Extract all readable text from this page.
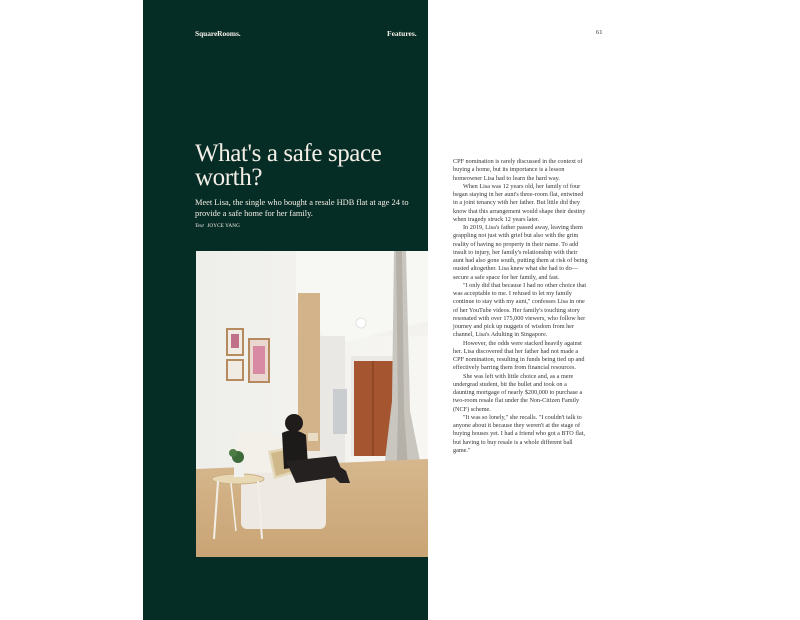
SquareRooms.	Features.
What's a safe space worth?
Meet Lisa, the single who bought a resale HDB flat at age 24 to provide a safe home for her family.
Text JOYCE YANG
61

CPF nomination is rarely discussed in the context of buying a home, but its importance is a lesson homeowner Lisa had to learn the hard way.

When Lisa was 12 years old, her family of four began staying in her aunt's three-room flat, entwined in a joint tenancy with her father. But little did they know that this arrangement would shape their destiny when tragedy struck 12 years later.

In 2019, Lisa's father passed away, leaving them grappling not just with grief but also with the grim reality of having no property in their name. To add insult to injury, her family's relationship with their aunt had also gone south, putting them at risk of being ousted altogether. Lisa knew what she had to do—secure a safe space for her family, and fast.

"I only did that because I had no other choice that was acceptable to me. I refused to let my family continue to stay with my aunt," confesses Lisa in one of her YouTube videos. Her family's touching story resonated with over 175,000 viewers, who follow her journey and pick up nuggets of wisdom from her channel, Lisa's Adulting in Singapore.

However, the odds were stacked heavily against her. Lisa discovered that her father had not made a CPF nomination, resulting in funds being tied up and effectively barring them from financial resources.

She was left with little choice and, as a mere undergrad student, bit the bullet and took on a daunting mortgage of nearly $200,000 to purchase a two-room resale flat under the Non-Citizen Family (NCF) scheme.

"It was so lonely," she recalls. "I couldn't talk to anyone about it because they weren't at the stage of buying houses yet. I had a friend who got a BTO flat, but having to buy resale is a whole different ball game."
